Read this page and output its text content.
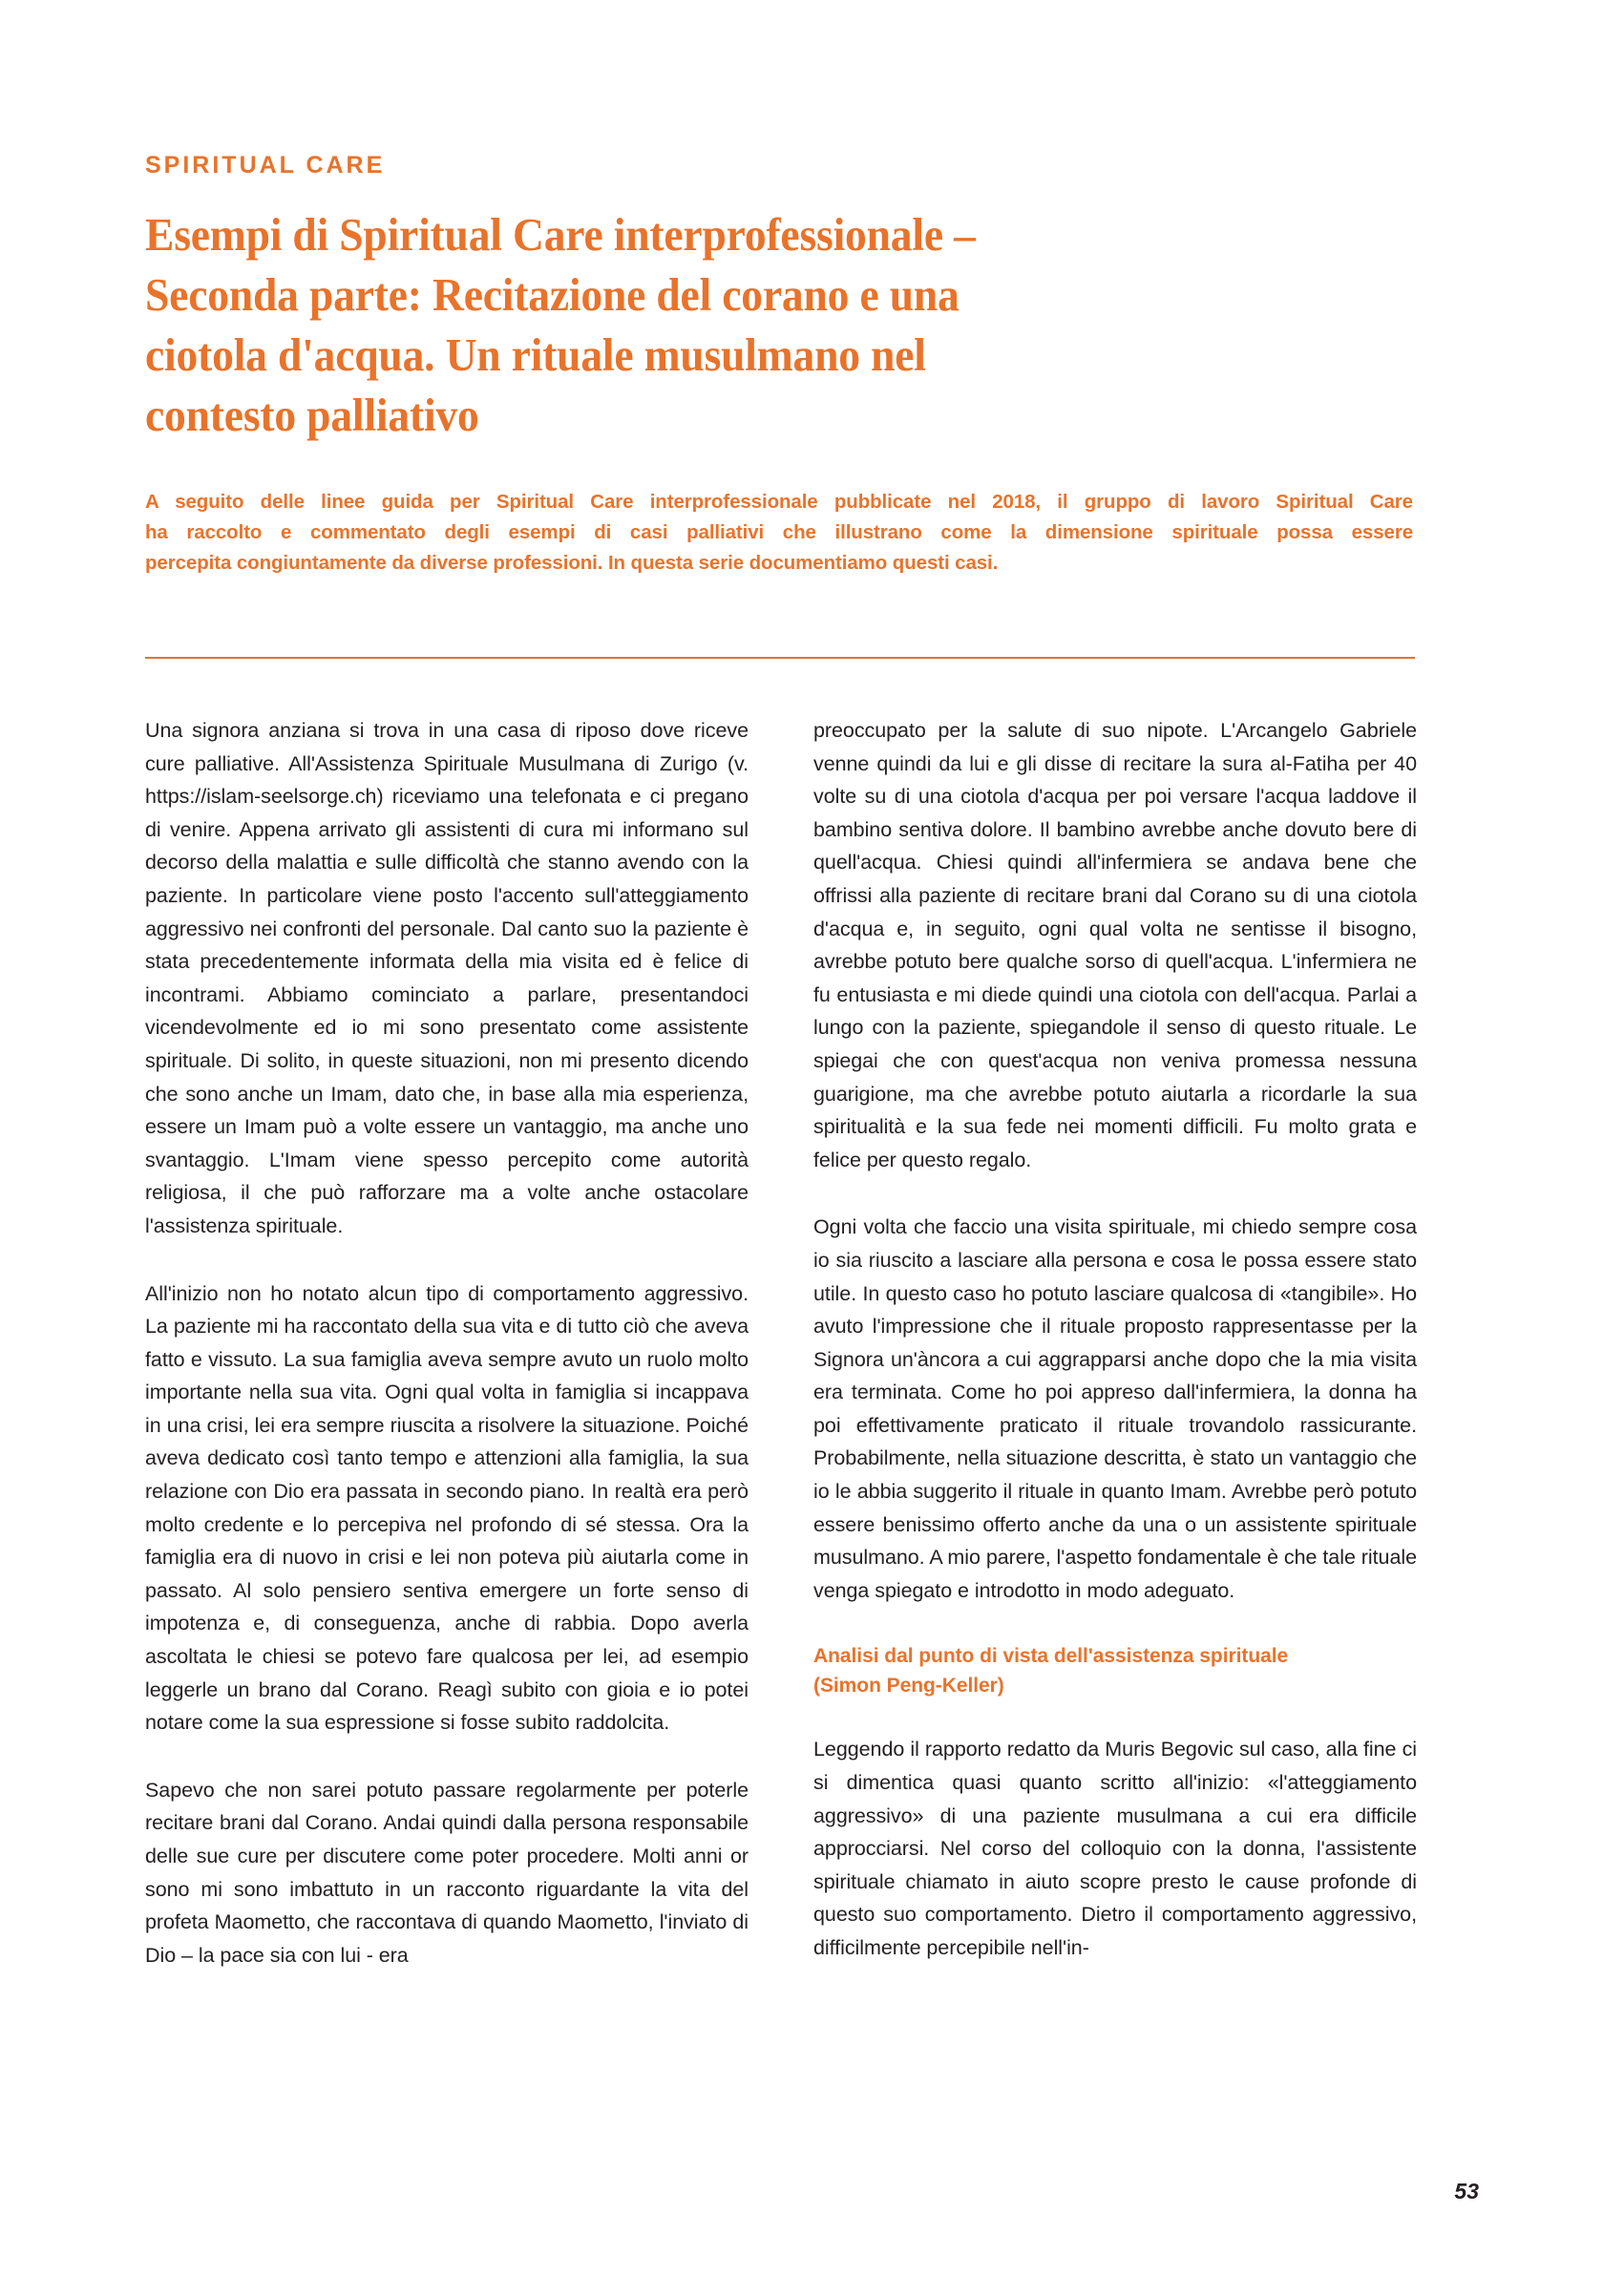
SPIRITUAL CARE
Esempi di Spiritual Care interprofessionale –
Seconda parte: Recitazione del corano e una
ciotola d'acqua. Un rituale musulmano nel
contesto palliativo
A seguito delle linee guida per Spiritual Care interprofessionale pubblicate nel 2018, il gruppo di lavoro Spiritual Care
ha raccolto e commentato degli esempi di casi palliativi che illustrano come la dimensione spirituale possa essere
percepita congiuntamente da diverse professioni. In questa serie documentiamo questi casi.

Una signora anziana si trova in una casa di riposo dove riceve cure palliative. All'Assistenza Spirituale Musulmana di Zurigo (v. https://islam-seelsorge.ch) riceviamo una telefonata e ci pregano di venire. Appena arrivato gli assistenti di cura mi informano sul decorso della malattia e sulle difficoltà che stanno avendo con la paziente. In particolare viene posto l'accento sull'atteggiamento aggressivo nei confronti del personale. Dal canto suo la paziente è stata precedentemente informata della mia visita ed è felice di incontrami. Abbiamo cominciato a parlare, presentandoci vicendevolmente ed io mi sono presentato come assistente spirituale. Di solito, in queste situazioni, non mi presento dicendo che sono anche un Imam, dato che, in base alla mia esperienza, essere un Imam può a volte essere un vantaggio, ma anche uno svantaggio. L'Imam viene spesso percepito come autorità religiosa, il che può rafforzare ma a volte anche ostacolare l'assistenza spirituale.

All'inizio non ho notato alcun tipo di comportamento aggressivo. La paziente mi ha raccontato della sua vita e di tutto ciò che aveva fatto e vissuto. La sua famiglia aveva sempre avuto un ruolo molto importante nella sua vita. Ogni qual volta in famiglia si incappava in una crisi, lei era sempre riuscita a risolvere la situazione. Poiché aveva dedicato così tanto tempo e attenzioni alla famiglia, la sua relazione con Dio era passata in secondo piano. In realtà era però molto credente e lo percepiva nel profondo di sé stessa. Ora la famiglia era di nuovo in crisi e lei non poteva più aiutarla come in passato. Al solo pensiero sentiva emergere un forte senso di impotenza e, di conseguenza, anche di rabbia. Dopo averla ascoltata le chiesi se potevo fare qualcosa per lei, ad esempio leggerle un brano dal Corano. Reagì subito con gioia e io potei notare come la sua espressione si fosse subito raddolcita.

Sapevo che non sarei potuto passare regolarmente per poterle recitare brani dal Corano. Andai quindi dalla persona responsabile delle sue cure per discutere come poter procedere. Molti anni or sono mi sono imbattuto in un racconto riguardante la vita del profeta Maometto, che raccontava di quando Maometto, l'inviato di Dio – la pace sia con lui - era

preoccupato per la salute di suo nipote. L'Arcangelo Gabriele venne quindi da lui e gli disse di recitare la sura al-Fatiha per 40 volte su di una ciotola d'acqua per poi versare l'acqua laddove il bambino sentiva dolore. Il bambino avrebbe anche dovuto bere di quell'acqua. Chiesi quindi all'infermiera se andava bene che offrissi alla paziente di recitare brani dal Corano su di una ciotola d'acqua e, in seguito, ogni qual volta ne sentisse il bisogno, avrebbe potuto bere qualche sorso di quell'acqua. L'infermiera ne fu entusiasta e mi diede quindi una ciotola con dell'acqua. Parlai a lungo con la paziente, spiegandole il senso di questo rituale. Le spiegai che con quest'acqua non veniva promessa nessuna guarigione, ma che avrebbe potuto aiutarla a ricordarle la sua spiritualità e la sua fede nei momenti difficili. Fu molto grata e felice per questo regalo.

Ogni volta che faccio una visita spirituale, mi chiedo sempre cosa io sia riuscito a lasciare alla persona e cosa le possa essere stato utile. In questo caso ho potuto lasciare qualcosa di «tangibile». Ho avuto l'impressione che il rituale proposto rappresentasse per la Signora un'àncora a cui aggrapparsi anche dopo che la mia visita era terminata. Come ho poi appreso dall'infermiera, la donna ha poi effettivamente praticato il rituale trovandolo rassicurante. Probabilmente, nella situazione descritta, è stato un vantaggio che io le abbia suggerito il rituale in quanto Imam. Avrebbe però potuto essere benissimo offerto anche da una o un assistente spirituale musulmano. A mio parere, l'aspetto fondamentale è che tale rituale venga spiegato e introdotto in modo adeguato.

Analisi dal punto di vista dell'assistenza spirituale
(Simon Peng-Keller)

Leggendo il rapporto redatto da Muris Begovic sul caso, alla fine ci si dimentica quasi quanto scritto all'inizio: «l'atteggiamento aggressivo» di una paziente musulmana a cui era difficile approcciarsi. Nel corso del colloquio con la donna, l'assistente spirituale chiamato in aiuto scopre presto le cause profonde di questo suo comportamento. Dietro il comportamento aggressivo, difficilmente percepibile nell'in-

53
